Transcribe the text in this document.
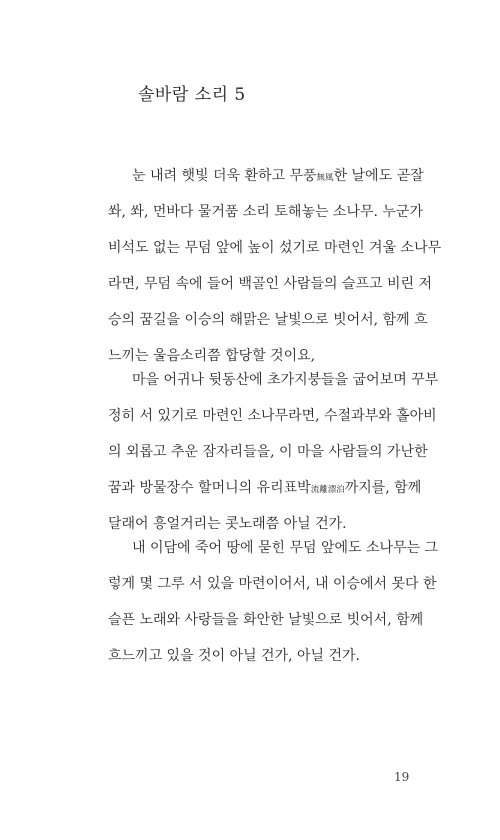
솔바람 소리 5
눈 내려 햇빛 더욱 환하고 무풍無風한 날에도 곧잘
쏴, 쏴, 먼바다 물거품 소리 토해놓는 소나무. 누군가
비석도 없는 무덤 앞에 높이 섰기로 마련인 겨울 소나무
라면, 무덤 속에 들어 백골인 사람들의 슬프고 비린 저
승의 꿈길을 이승의 해맑은 날빛으로 빗어서, 함께 흐
느끼는 울음소리쯤 합당할 것이요,
마을 어귀나 뒷동산에 초가지붕들을 굽어보며 꾸부
정히 서 있기로 마련인 소나무라면, 수절과부와 홀아비
의 외롭고 추운 잠자리들을, 이 마을 사람들의 가난한
꿈과 방물장수 할머니의 유리표박流離漂泊까지를, 함께
달래어 흥얼거리는 콧노래쯤 아닐 건가.
내 이담에 죽어 땅에 묻힌 무덤 앞에도 소나무는 그
렇게 몇 그루 서 있을 마련이어서, 내 이승에서 못다 한
슬픈 노래와 사랑들을 화안한 날빛으로 빗어서, 함께
흐느끼고 있을 것이 아닐 건가, 아닐 건가.
19
